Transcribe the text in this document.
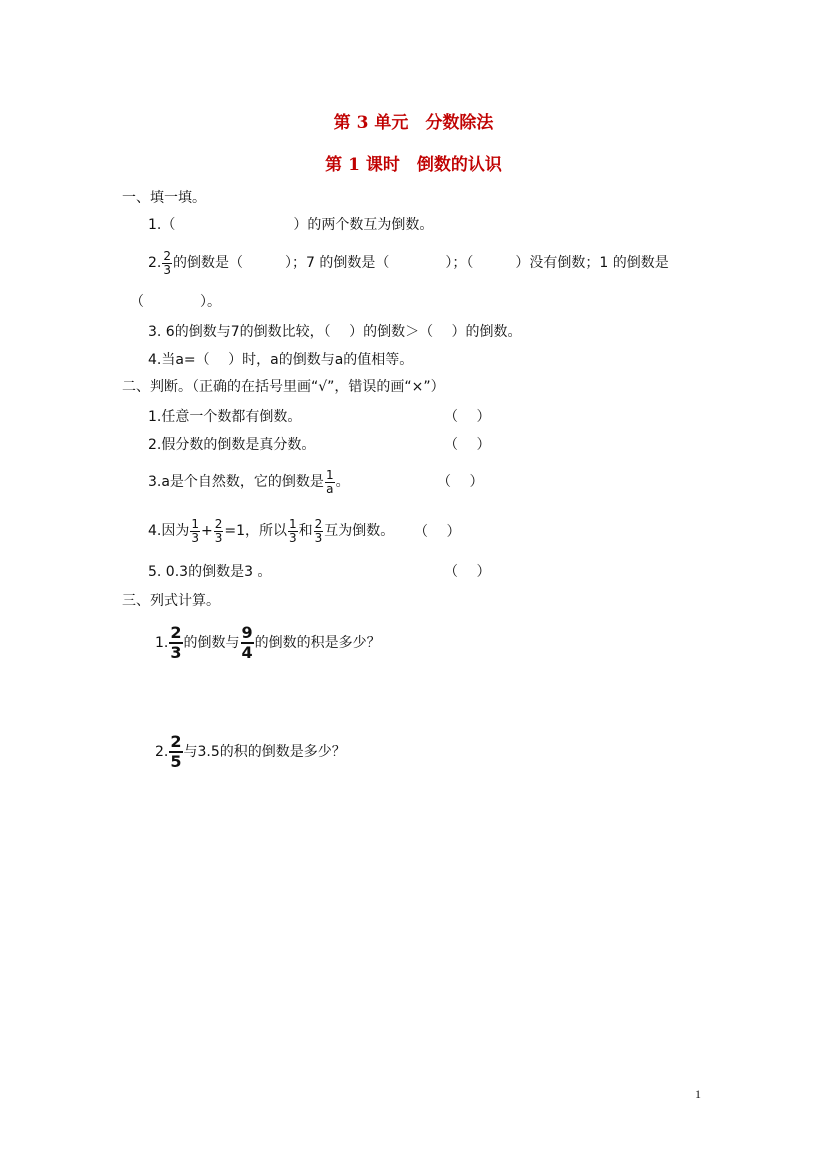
第 3 单元　分数除法
第 1 课时　倒数的认识
一、填一填。
1.（	）的两个数互为倒数。
2. $\frac{2}{3}$ 的倒数是（　　　）；7 的倒数是（　　　　）；（　　　）没有倒数；1 的倒数是
（　　　　）。
3. 6的倒数与7的倒数比较，（　 ）的倒数＞（　 ）的倒数。
4.当a=（　 ）时，a的倒数与a的值相等。
二、判断。（正确的在括号里画“√”，错误的画“×”）
1.任意一个数都有倒数。	（　 ）
2.假分数的倒数是真分数。	（　 ）
3.a是个自然数，它的倒数是 $\frac{1}{a}$ 。	（　 ）
4.因为 $\frac{1}{3} + \frac{2}{3} =1$，所以 $\frac{1}{3}$ 和 $\frac{2}{3}$ 互为倒数。 （　 ）
5. 0.3的倒数是3 。	（　 ）
三、列式计算。
1. $\frac{2}{3}$ 的倒数与 $\frac{9}{4}$ 的倒数的积是多少？
2. $\frac{2}{5}$ 与3.5的积的倒数是多少？
1
